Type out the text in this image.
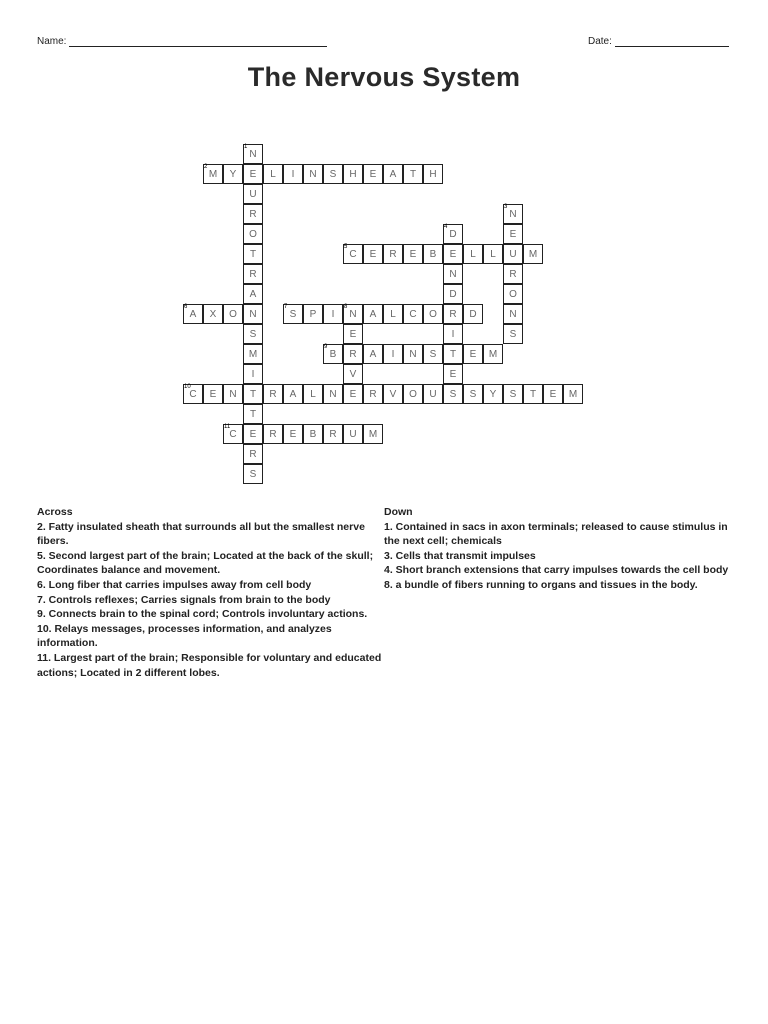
Name:	Date:
The Nervous System
N
1
E
U
R
O
T
R
A
N
S
M
I
T
T
E
R
S
M
2
Y	L	I	N	S	H	E	A	T	H
N
3
E
U
R
O
N
S
D
4
E
N
D
R
I
T
E
S
C
5
E	R	E	B	L	L	M
A
6
X	O	S
7
P	I	N
8
A	L	C	O	D
E
R
V
E
B
9
A	I	N	S	E	M
C
10
E	N	R	A	L	N	R	V	O	U	S	Y	S	T	E	M
C
11
R	E	B	R	U	M

Across

2. Fatty insulated sheath that surrounds all but the smallest nerve fibers.

5. Second largest part of the brain; Located at the back of the skull; Coordinates balance and movement.

6. Long fiber that carries impulses away from cell body

7. Controls reflexes; Carries signals from brain to the body

9. Connects brain to the spinal cord; Controls involuntary actions.

10. Relays messages, processes information, and analyzes information.

11. Largest part of the brain; Responsible for voluntary and educated actions; Located in 2 different lobes.

Down

1. Contained in sacs in axon terminals; released to cause stimulus in the next cell; chemicals

3. Cells that transmit impulses

4. Short branch extensions that carry impulses towards the cell body

8. a bundle of fibers running to organs and tissues in the body.
